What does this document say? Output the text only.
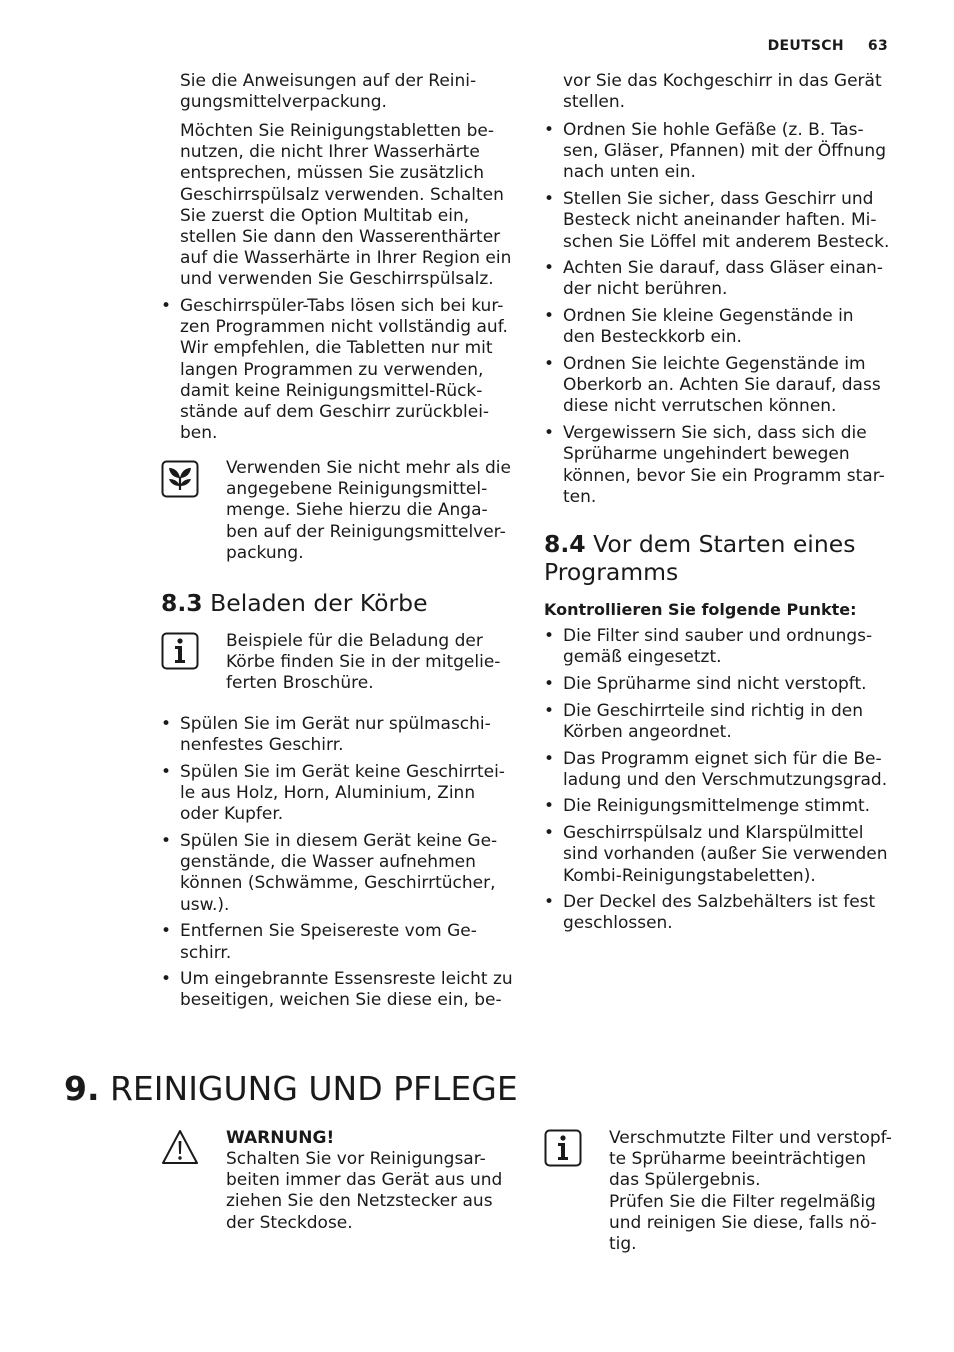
DEUTSCH 63

Sie die Anweisungen auf der Reini-
gungsmittelverpackung.

Möchten Sie Reinigungstabletten be-
nutzen, die nicht Ihrer Wasserhärte
entsprechen, müssen Sie zusätzlich
Geschirrspülsalz verwenden. Schalten
Sie zuerst die Option Multitab ein,
stellen Sie dann den Wasserenthärter
auf die Wasserhärte in Ihrer Region ein
und verwenden Sie Geschirrspülsalz.

• Geschirrspüler-Tabs lösen sich bei kur-
zen Programmen nicht vollständig auf.
Wir empfehlen, die Tabletten nur mit
langen Programmen zu verwenden,
damit keine Reinigungsmittel-Rück-
stände auf dem Geschirr zurückblei-
ben.

Verwenden Sie nicht mehr als die
angegebene Reinigungsmittel-
menge. Siehe hierzu die Anga-
ben auf der Reinigungsmittelver-
packung.

8.3 Beladen der Körbe

Beispiele für die Beladung der
Körbe finden Sie in der mitgelie-
ferten Broschüre.

• Spülen Sie im Gerät nur spülmaschi-
nenfestes Geschirr.
• Spülen Sie im Gerät keine Geschirrtei-
le aus Holz, Horn, Aluminium, Zinn
oder Kupfer.
• Spülen Sie in diesem Gerät keine Ge-
genstände, die Wasser aufnehmen
können (Schwämme, Geschirrtücher,
usw.).
• Entfernen Sie Speisereste vom Ge-
schirr.
• Um eingebrannte Essensreste leicht zu
beseitigen, weichen Sie diese ein, be-

vor Sie das Kochgeschirr in das Gerät
stellen.

• Ordnen Sie hohle Gefäße (z. B. Tas-
sen, Gläser, Pfannen) mit der Öffnung
nach unten ein.
• Stellen Sie sicher, dass Geschirr und
Besteck nicht aneinander haften. Mi-
schen Sie Löffel mit anderem Besteck.
• Achten Sie darauf, dass Gläser einan-
der nicht berühren.
• Ordnen Sie kleine Gegenstände in
den Besteckkorb ein.
• Ordnen Sie leichte Gegenstände im
Oberkorb an. Achten Sie darauf, dass
diese nicht verrutschen können.
• Vergewissern Sie sich, dass sich die
Sprüharme ungehindert bewegen
können, bevor Sie ein Programm star-
ten.
8.4 Vor dem Starten eines
Programms

Kontrollieren Sie folgende Punkte:

• Die Filter sind sauber und ordnungs-
gemäß eingesetzt.
• Die Sprüharme sind nicht verstopft.
• Die Geschirrteile sind richtig in den
Körben angeordnet.
• Das Programm eignet sich für die Be-
ladung und den Verschmutzungsgrad.
• Die Reinigungsmittelmenge stimmt.
• Geschirrspülsalz und Klarspülmittel
sind vorhanden (außer Sie verwenden
Kombi-Reinigungstabeletten).
• Der Deckel des Salzbehälters ist fest
geschlossen.
9. REINIGUNG UND PFLEGE

WARNUNG!

Schalten Sie vor Reinigungsar-
beiten immer das Gerät aus und
ziehen Sie den Netzstecker aus
der Steckdose.

Verschmutzte Filter und verstopf-
te Sprüharme beeinträchtigen
das Spülergebnis.
Prüfen Sie die Filter regelmäßig
und reinigen Sie diese, falls nö-
tig.
